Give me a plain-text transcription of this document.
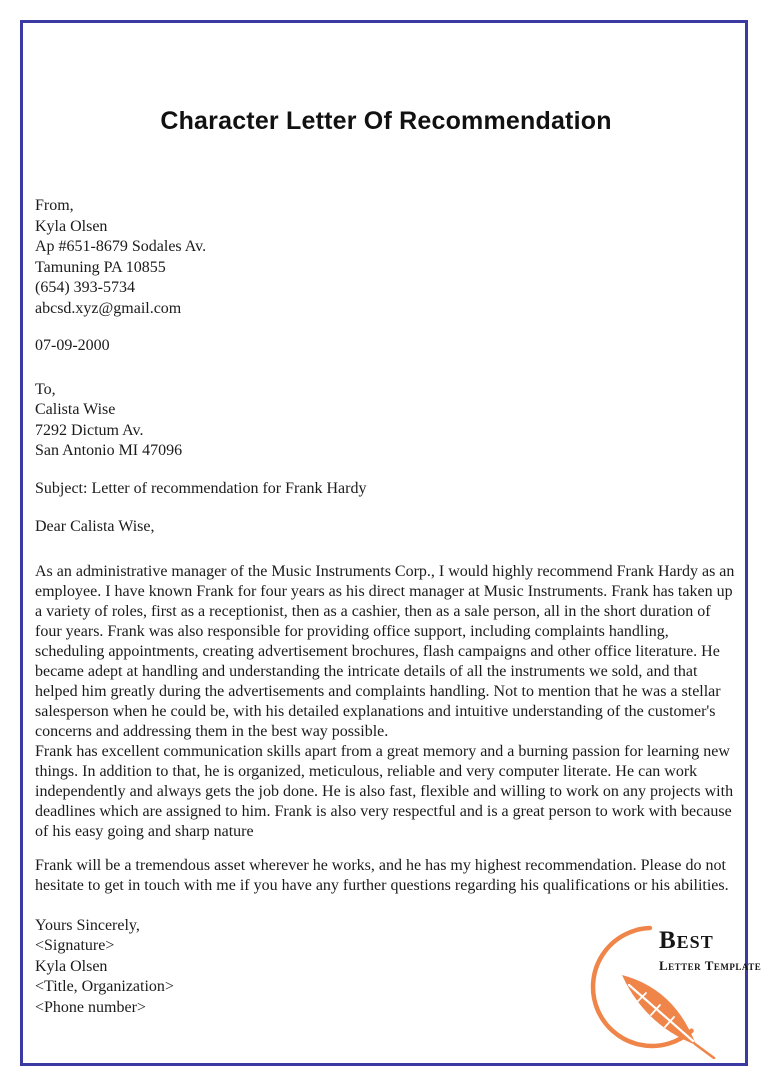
Character Letter Of Recommendation
From,
Kyla Olsen
Ap #651-8679 Sodales Av.
Tamuning PA 10855
(654) 393-5734
abcsd.xyz@gmail.com
07-09-2000
To,
Calista Wise
7292 Dictum Av.
San Antonio MI 47096
Subject: Letter of recommendation for Frank Hardy
Dear Calista Wise,

As an administrative manager of the Music Instruments Corp., I would highly recommend Frank Hardy as an employee. I have known Frank for four years as his direct manager at Music Instruments. Frank has taken up a variety of roles, first as a receptionist, then as a cashier, then as a sale person, all in the short duration of four years. Frank was also responsible for providing office support, including complaints handling, scheduling appointments, creating advertisement brochures, flash campaigns and other office literature. He became adept at handling and understanding the intricate details of all the instruments we sold, and that helped him greatly during the advertisements and complaints handling. Not to mention that he was a stellar salesperson when he could be, with his detailed explanations and intuitive understanding of the customer's concerns and addressing them in the best way possible.

Frank has excellent communication skills apart from a great memory and a burning passion for learning new things. In addition to that, he is organized, meticulous, reliable and very computer literate. He can work independently and always gets the job done. He is also fast, flexible and willing to work on any projects with deadlines which are assigned to him. Frank is also very respectful and is a great person to work with because of his easy going and sharp nature

Frank will be a tremendous asset wherever he works, and he has my highest recommendation. Please do not hesitate to get in touch with me if you have any further questions regarding his qualifications or his abilities.

Yours Sincerely,
<Signature>
Kyla Olsen
<Title, Organization>
<Phone number>
Best
Letter Template
